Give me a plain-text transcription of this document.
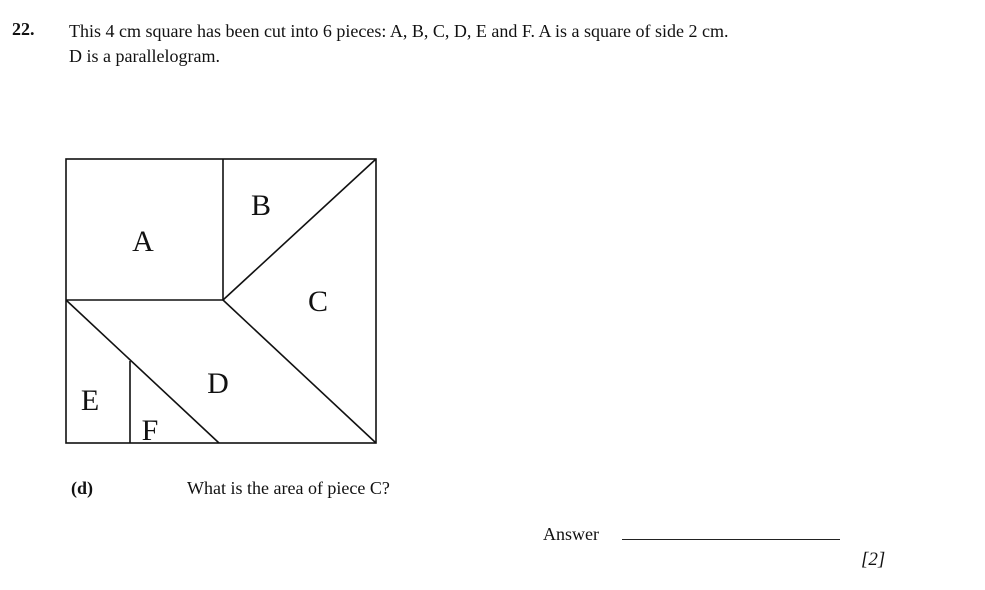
22. This 4 cm square has been cut into 6 pieces: A, B, C, D, E and F. A is a square of side 2 cm.
D is a parallelogram.
A
B
C
D
E
F
(d)	What is the area of piece C?
Answer
[2]
